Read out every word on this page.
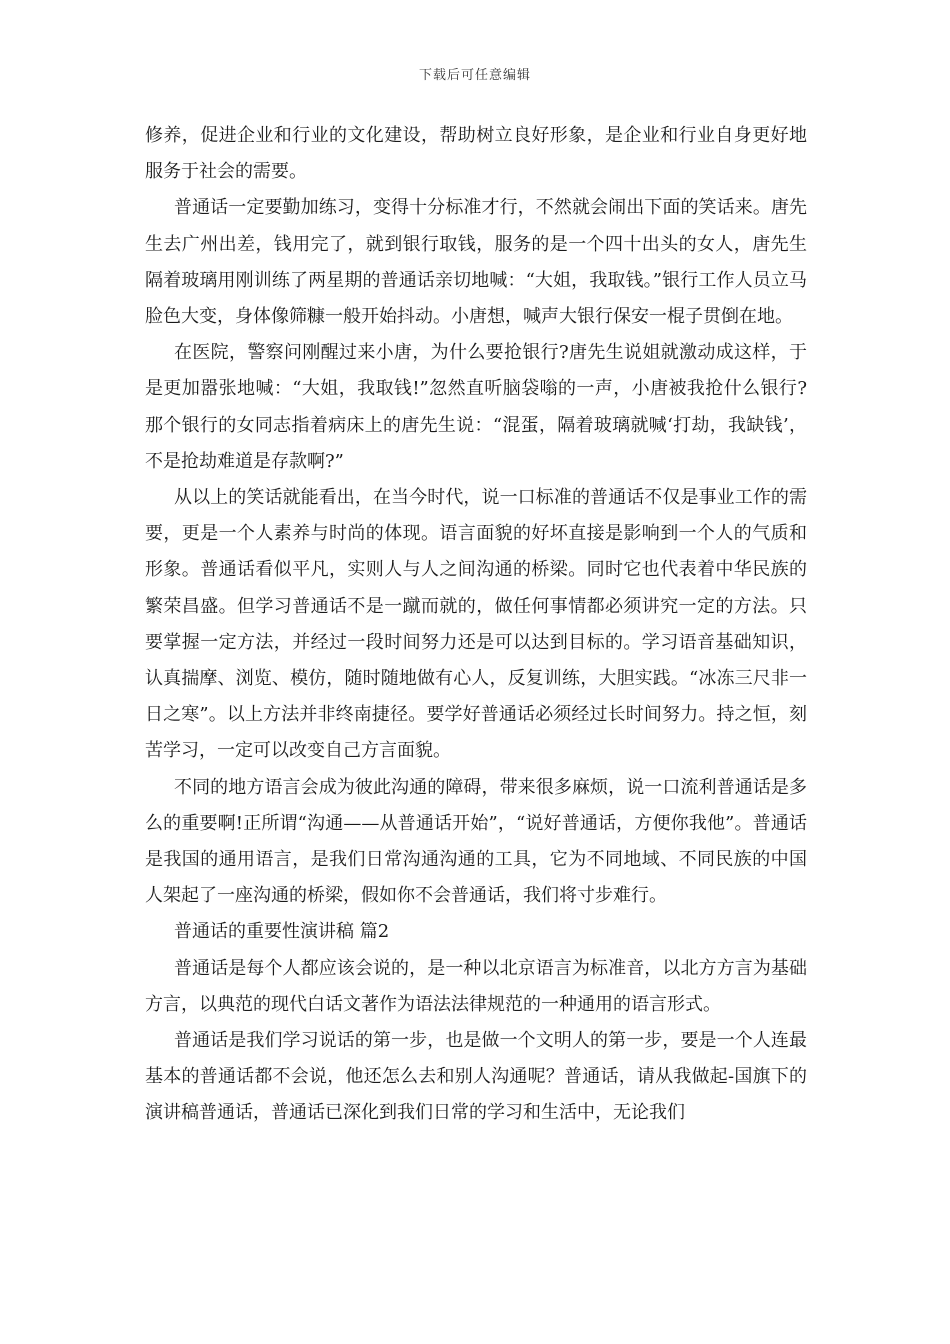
下载后可任意编辑

修养，促进企业和行业的文化建设，帮助树立良好形象，是企业和行业自身更好地服务于社会的需要。

普通话一定要勤加练习，变得十分标准才行，不然就会闹出下面的笑话来。唐先生去广州出差，钱用完了，就到银行取钱，服务的是一个四十出头的女人，唐先生隔着玻璃用刚训练了两星期的普通话亲切地喊：“大姐，我取钱。”银行工作人员立马脸色大变，身体像筛糠一般开始抖动。小唐想，喊声大银行保安一棍子贯倒在地。

在医院，警察问刚醒过来小唐，为什么要抢银行?唐先生说姐就激动成这样，于是更加嚣张地喊：“大姐，我取钱!”忽然直听脑袋嗡的一声，小唐被我抢什么银行?那个银行的女同志指着病床上的唐先生说：“混蛋，隔着玻璃就喊‘打劫，我缺钱’，不是抢劫难道是存款啊?”

从以上的笑话就能看出，在当今时代，说一口标准的普通话不仅是事业工作的需要，更是一个人素养与时尚的体现。语言面貌的好坏直接是影响到一个人的气质和形象。普通话看似平凡，实则人与人之间沟通的桥梁。同时它也代表着中华民族的繁荣昌盛。但学习普通话不是一蹴而就的，做任何事情都必须讲究一定的方法。只要掌握一定方法，并经过一段时间努力还是可以达到目标的。学习语音基础知识，认真揣摩、浏览、模仿，随时随地做有心人，反复训练，大胆实践。“冰冻三尺非一日之寒”。以上方法并非终南捷径。要学好普通话必须经过长时间努力。持之恒，刻苦学习，一定可以改变自己方言面貌。

不同的地方语言会成为彼此沟通的障碍，带来很多麻烦，说一口流利普通话是多么的重要啊!正所谓“沟通——从普通话开始”，“说好普通话，方便你我他”。普通话是我国的通用语言，是我们日常沟通沟通的工具，它为不同地域、不同民族的中国人架起了一座沟通的桥梁，假如你不会普通话，我们将寸步难行。

普通话的重要性演讲稿 篇2

普通话是每个人都应该会说的，是一种以北京语言为标准音，以北方方言为基础方言，以典范的现代白话文著作为语法法律规范的一种通用的语言形式。

普通话是我们学习说话的第一步，也是做一个文明人的第一步，要是一个人连最基本的普通话都不会说，他还怎么去和别人沟通呢？普通话，请从我做起-国旗下的演讲稿普通话，普通话已深化到我们日常的学习和生活中，无论我们
